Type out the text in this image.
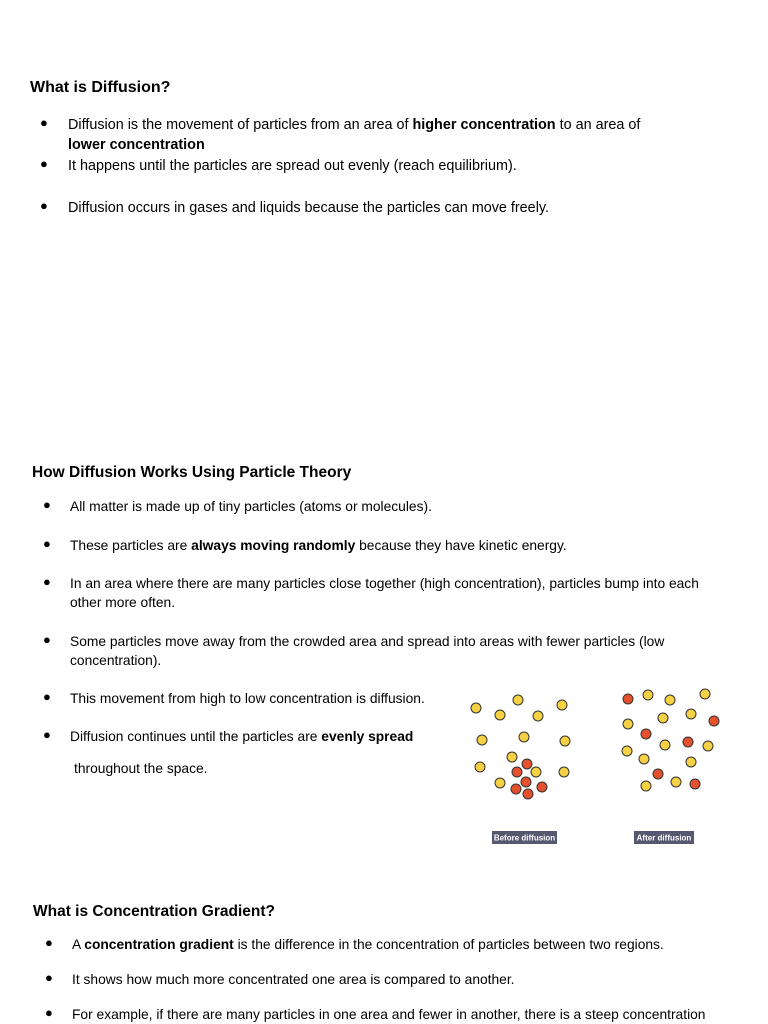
What is Diffusion?
● Diffusion is the movement of particles from an area of higher concentration to an area of
lower concentration
● It happens until the particles are spread out evenly (reach equilibrium).
● Diffusion occurs in gases and liquids because the particles can move freely.
How Diffusion Works Using Particle Theory
● All matter is made up of tiny particles (atoms or molecules).
● These particles are always moving randomly because they have kinetic energy.
● In an area where there are many particles close together (high concentration), particles bump into each
other more often.
● Some particles move away from the crowded area and spread into areas with fewer particles (low
concentration).
● This movement from high to low concentration is diffusion.
● Diffusion continues until the particles are evenly spread
throughout the space.
Before diffusion	After diffusion
What is Concentration Gradient?
● A concentration gradient is the difference in the concentration of particles between two regions.
● It shows how much more concentrated one area is compared to another.
● For example, if there are many particles in one area and fewer in another, there is a steep concentration
